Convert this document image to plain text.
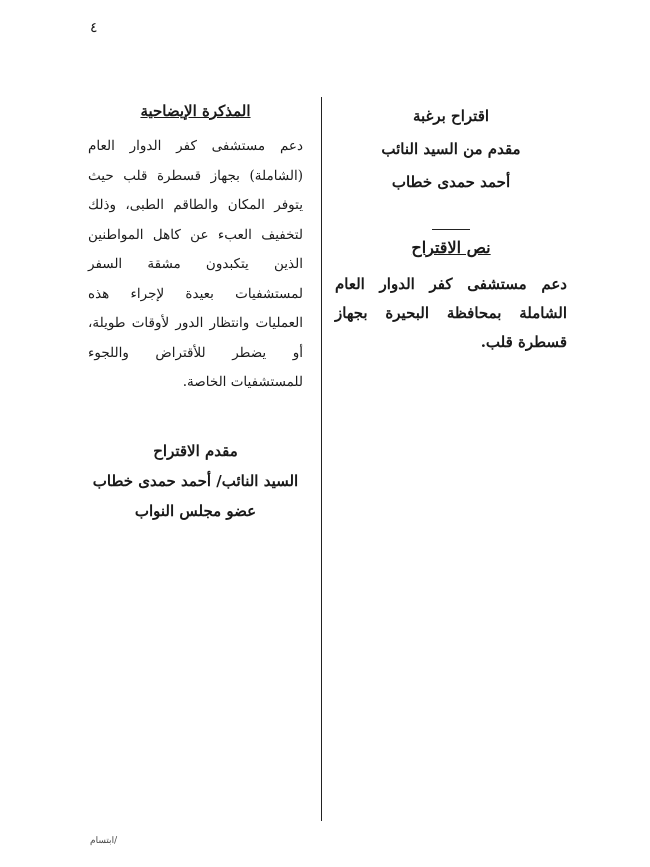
٤
اقتراح برغبة
مقدم من السيد النائب
أحمد حمدى خطاب
نص الاقتراح
دعم مستشفى كفر الدوار العام الشاملة بمحافظة البحيرة بجهاز قسطرة قلب.
المذكرة الإيضاحية
دعم مستشفى كفر الدوار العام (الشاملة) بجهاز قسطرة قلب حيث يتوفر المكان والطاقم الطبى، وذلك لتخفيف العبء عن كاهل المواطنين الذين يتكبدون مشقة السفر لمستشفيات بعيدة لإجراء هذه العمليات وانتظار الدور لأوقات طويلة، أو يضطر للأقتراض واللجوء للمستشفيات الخاصة.
مقدم الاقتراح
السيد النائب/ أحمد حمدى خطاب
عضو مجلس النواب
/ابتسام
